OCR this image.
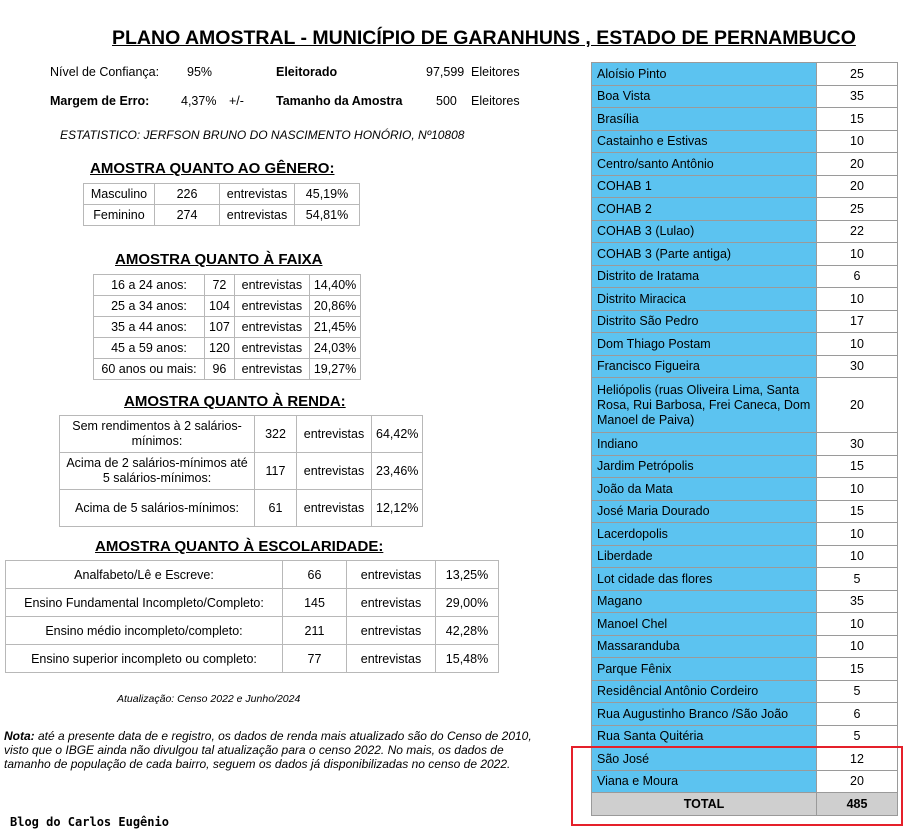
PLANO AMOSTRAL - MUNICÍPIO DE GARANHUNS , ESTADO DE PERNAMBUCO
Nível de Confiança: 95%	Eleitorado	97,599 Eleitores
Margem de Erro:	4,37% +/-	Tamanho da Amostra	500 Eleitores
ESTATISTICO: JERFSON BRUNO DO NASCIMENTO HONÓRIO, Nº10808
AMOSTRA QUANTO AO GÊNERO:
Masculino	226	entrevistas	45,19%
Feminino	274	entrevistas	54,81%
AMOSTRA QUANTO À FAIXA
16 a 24 anos:	72	entrevistas	14,40%
25 a 34 anos:	104	entrevistas	20,86%
35 a 44 anos:	107	entrevistas	21,45%
45 a 59 anos:	120	entrevistas	24,03%
60 anos ou mais:	96	entrevistas	19,27%
AMOSTRA QUANTO À RENDA:
Sem rendimentos à 2 salários-mínimos:	322	entrevistas	64,42%
Acima de 2 salários-mínimos até 5 salários-mínimos:	117	entrevistas	23,46%
Acima de 5 salários-mínimos:	61	entrevistas	12,12%
AMOSTRA QUANTO À ESCOLARIDADE:
Analfabeto/Lê e Escreve:	66	entrevistas	13,25%
Ensino Fundamental Incompleto/Completo:	145	entrevistas	29,00%
Ensino médio incompleto/completo:	211	entrevistas	42,28%
Ensino superior incompleto ou completo:	77	entrevistas	15,48%
Atualização: Censo 2022 e Junho/2024
Nota: até a presente data de e registro, os dados de renda mais atualizado são do Censo de 2010, visto que o IBGE ainda não divulgou tal atualização para o censo 2022. No mais, os dados de tamanho de população de cada bairro, seguem os dados já disponibilizadas no censo de 2022.
Blog do Carlos Eugênio
Aloísio Pinto	25
Boa Vista	35
Brasília	15
Castainho e Estivas	10
Centro/santo Antônio	20
COHAB 1	20
COHAB 2	25
COHAB 3 (Lulao)	22
COHAB 3 (Parte antiga)	10
Distrito de Iratama	6
Distrito Miracica	10
Distrito São Pedro	17
Dom Thiago Postam	10
Francisco Figueira	30
Heliópolis (ruas Oliveira Lima, Santa Rosa, Rui Barbosa, Frei Caneca, Dom Manoel de Paiva)	20
Indiano	30
Jardim Petrópolis	15
João da Mata	10
José Maria Dourado	15
Lacerdopolis	10
Liberdade	10
Lot cidade das flores	5
Magano	35
Manoel Chel	10
Massaranduba	10
Parque Fênix	15
Residêncial Antônio Cordeiro	5
Rua Augustinho Branco /São João	6
Rua Santa Quitéria	5
São José	12
Viana e Moura	20
TOTAL	485
